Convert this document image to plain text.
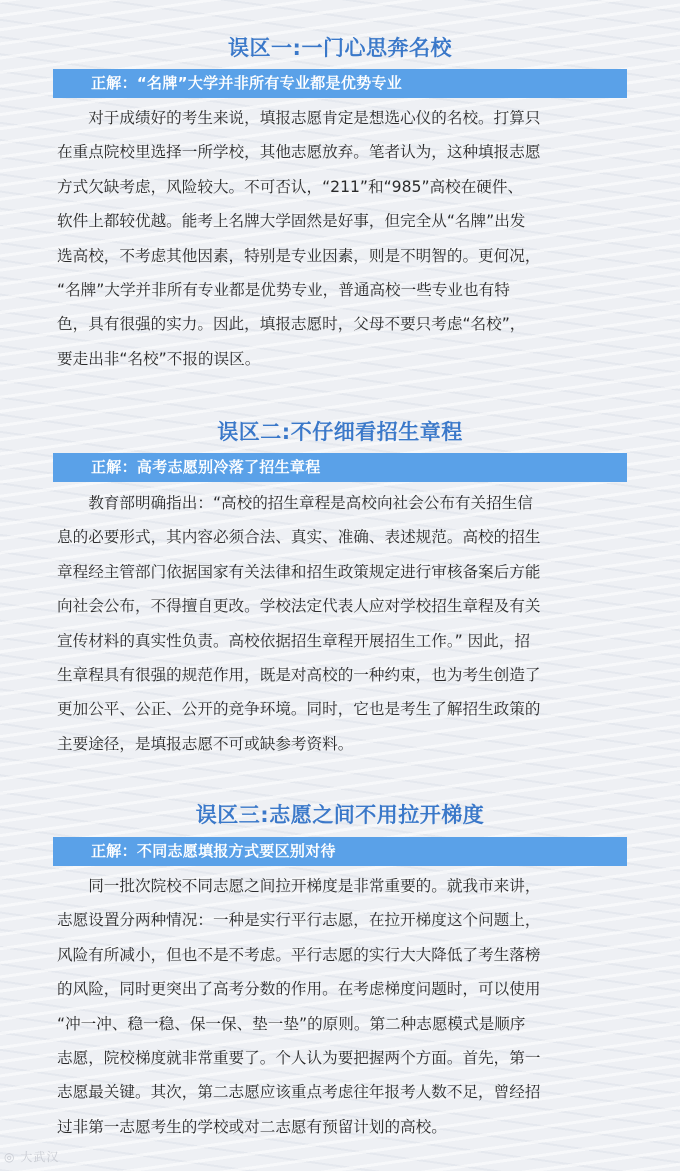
误区一:一门心思奔名校
正解：“名牌”大学并非所有专业都是优势专业
　　对于成绩好的考生来说，填报志愿肯定是想选心仪的名校。打算只
在重点院校里选择一所学校，其他志愿放弃。笔者认为，这种填报志愿
方式欠缺考虑，风险较大。不可否认，“211”和“985”高校在硬件、
软件上都较优越。能考上名牌大学固然是好事，但完全从“名牌”出发
选高校，不考虑其他因素，特别是专业因素，则是不明智的。更何况，
“名牌”大学并非所有专业都是优势专业，普通高校一些专业也有特
色，具有很强的实力。因此，填报志愿时，父母不要只考虑“名校”，
要走出非“名校”不报的误区。
误区二:不仔细看招生章程
正解：高考志愿别冷落了招生章程
　　教育部明确指出：“高校的招生章程是高校向社会公布有关招生信
息的必要形式，其内容必须合法、真实、准确、表述规范。高校的招生
章程经主管部门依据国家有关法律和招生政策规定进行审核备案后方能
向社会公布，不得擅自更改。学校法定代表人应对学校招生章程及有关
宣传材料的真实性负责。高校依据招生章程开展招生工作。” 因此，招
生章程具有很强的规范作用，既是对高校的一种约束，也为考生创造了
更加公平、公正、公开的竞争环境。同时，它也是考生了解招生政策的
主要途径，是填报志愿不可或缺参考资料。
误区三:志愿之间不用拉开梯度
正解：不同志愿填报方式要区别对待
　　同一批次院校不同志愿之间拉开梯度是非常重要的。就我市来讲，
志愿设置分两种情况：一种是实行平行志愿，在拉开梯度这个问题上，
风险有所减小，但也不是不考虑。平行志愿的实行大大降低了考生落榜
的风险，同时更突出了高考分数的作用。在考虑梯度问题时，可以使用
“冲一冲、稳一稳、保一保、垫一垫”的原则。第二种志愿模式是顺序
志愿，院校梯度就非常重要了。个人认为要把握两个方面。首先，第一
志愿最关键。其次，第二志愿应该重点考虑往年报考人数不足，曾经招
过非第一志愿考生的学校或对二志愿有预留计划的高校。
◎ 大武汉
